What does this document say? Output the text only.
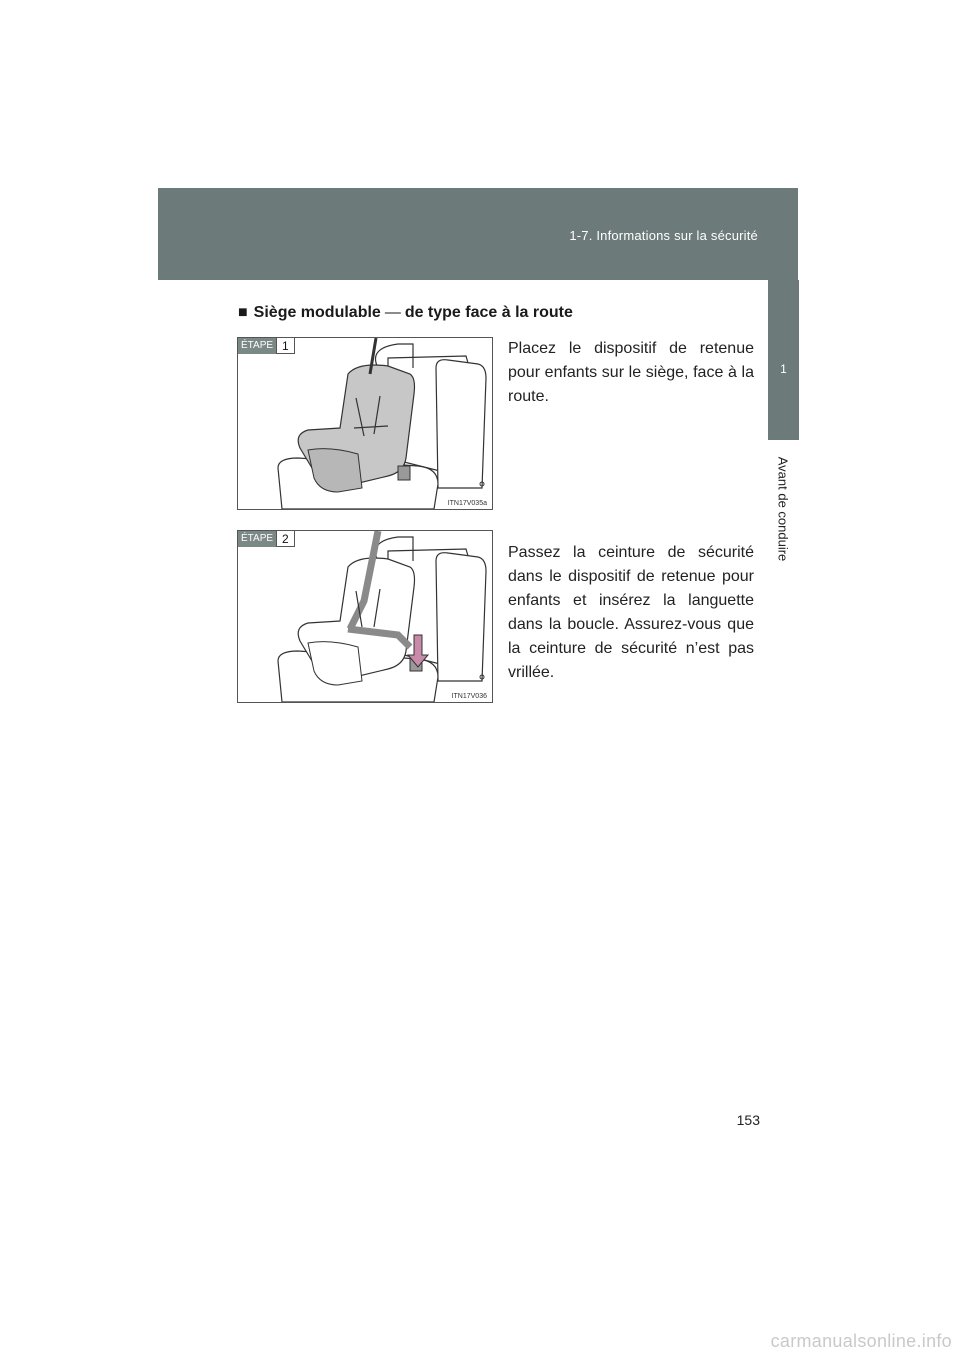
1-7. Informations sur la sécurité
1
Avant de conduire
■ Siège modulable — de type face à la route
ÉTAPE 1
ITN17V035a
Placez le dispositif de retenue pour enfants sur le siège, face à la route.
ÉTAPE 2
ITN17V036
Passez la ceinture de sécurité dans le dispositif de retenue pour enfants et insérez la languette dans la boucle. Assurez-vous que la ceinture de sécurité n’est pas vrillée.
153
carmanualsonline.info
